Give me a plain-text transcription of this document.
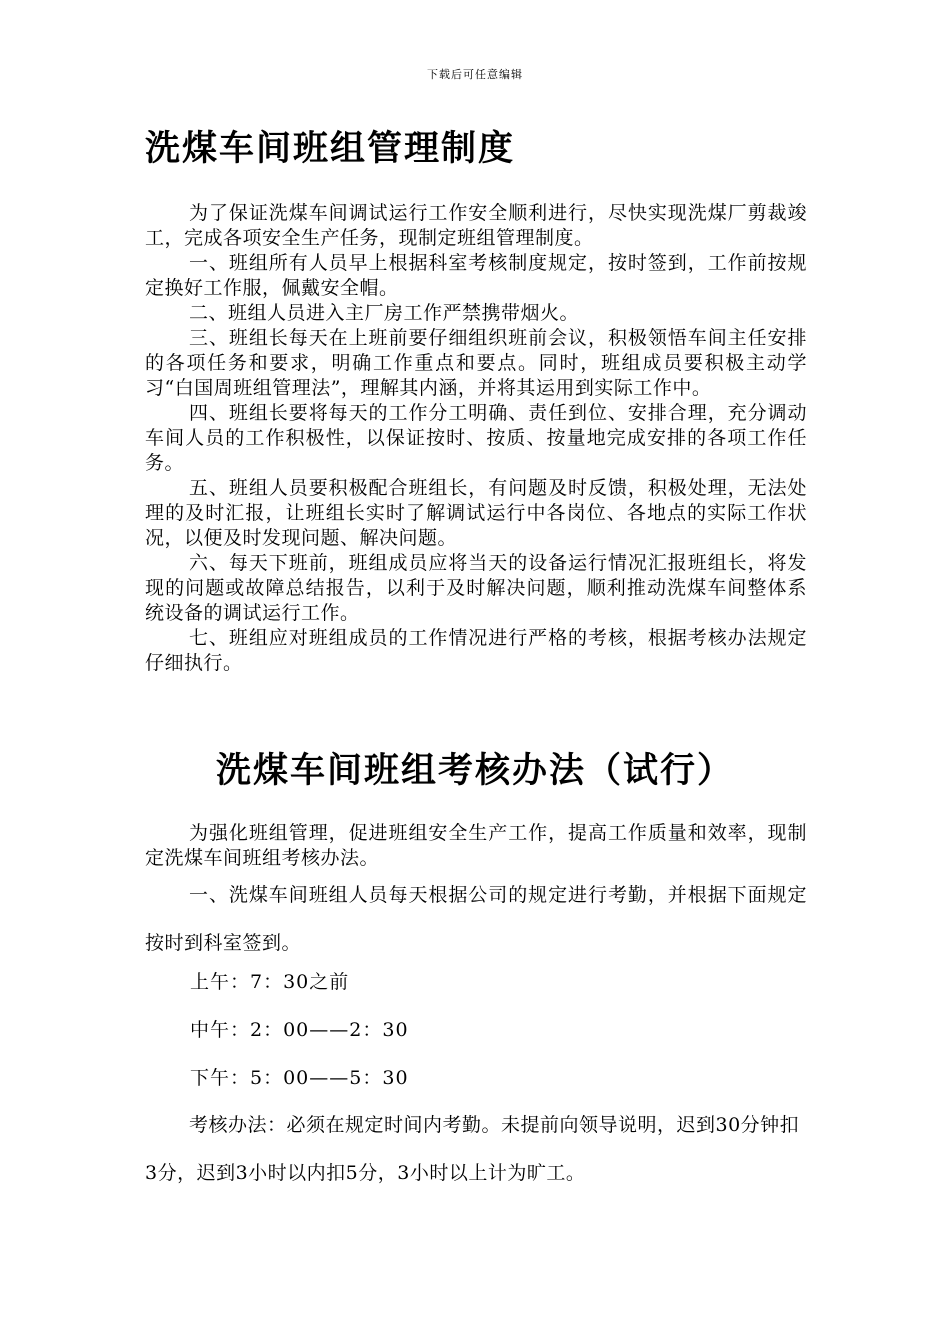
下载后可任意编辑
洗煤车间班组管理制度

为了保证洗煤车间调试运行工作安全顺利进行，尽快实现洗煤厂剪裁竣工，完成各项安全生产任务，现制定班组管理制度。

一、班组所有人员早上根据科室考核制度规定，按时签到，工作前按规定换好工作服，佩戴安全帽。

二、班组人员进入主厂房工作严禁携带烟火。

三、班组长每天在上班前要仔细组织班前会议，积极领悟车间主任安排的各项任务和要求，明确工作重点和要点。同时，班组成员要积极主动学习“白国周班组管理法”，理解其内涵，并将其运用到实际工作中。

四、班组长要将每天的工作分工明确、责任到位、安排合理，充分调动车间人员的工作积极性，以保证按时、按质、按量地完成安排的各项工作任务。

五、班组人员要积极配合班组长，有问题及时反馈，积极处理，无法处理的及时汇报，让班组长实时了解调试运行中各岗位、各地点的实际工作状况，以便及时发现问题、解决问题。

六、每天下班前，班组成员应将当天的设备运行情况汇报班组长，将发现的问题或故障总结报告，以利于及时解决问题，顺利推动洗煤车间整体系统设备的调试运行工作。

七、班组应对班组成员的工作情况进行严格的考核，根据考核办法规定仔细执行。

洗煤车间班组考核办法（试行）

为强化班组管理，促进班组安全生产工作，提高工作质量和效率，现制定洗煤车间班组考核办法。

一、洗煤车间班组人员每天根据公司的规定进行考勤，并根据下面规定按时到科室签到。

上午：7：30之前
中午：2：00——2：30
下午：5：00——5：30

考核办法：必须在规定时间内考勤。未提前向领导说明，迟到30分钟扣3分，迟到3小时以内扣5分，3小时以上计为旷工。
